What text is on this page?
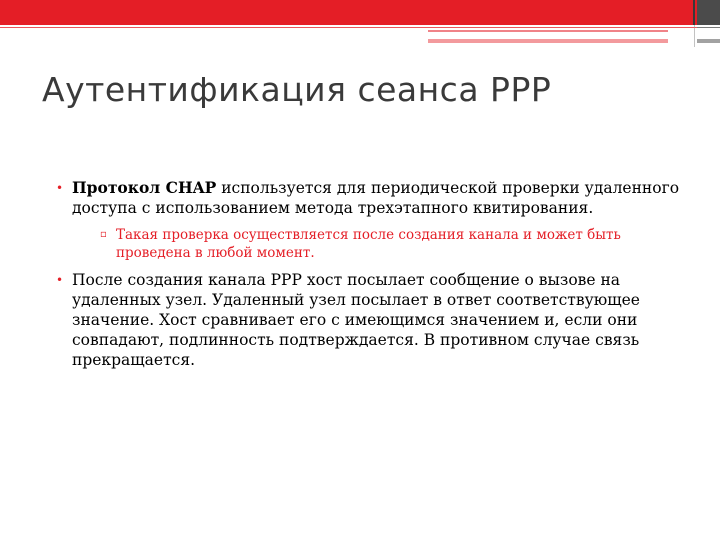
Аутентификация сеанса PPP
• Протокол CHAP используется для периодической проверки удаленного доступа с использованием метода трехэтапного квитирования.
▫ Такая проверка осуществляется после создания канала и может быть проведена в любой момент.
• После создания канала PPP хост посылает сообщение о вызове на удаленных узел. Удаленный узел посылает в ответ соответствующее значение. Хост сравнивает его с имеющимся значением и, если они совпадают, подлинность подтверждается. В противном случае связь прекращается.
